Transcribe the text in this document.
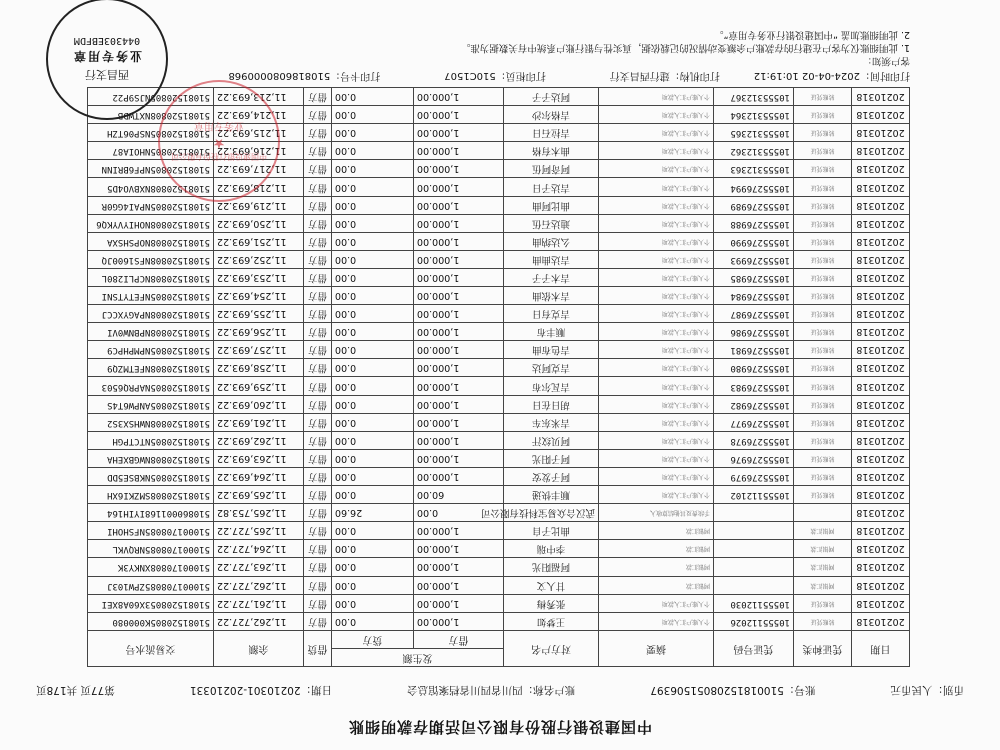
中国建设银行股份有限公司活期存款明细账
币别：人民币元
账号：51001815208051506397
账户名称：四川省四川省档案馆总会
日期：20210301-20210331
第77页 共178页
日期	凭证种类	凭证号码	摘要	对方户名	发生额		借贷	余额	交易流水号
					借方	贷方			
20210318	转账凭证	10555112026	个人账户汇入款项	王梦如	1,000.00	0.00	借方	11,262,727.22	51081520805K000080
20210318	转账凭证	10555112030	个人账户汇入款项	张秀梅	1,000.00	0.00	借方	11,261,727.22	510815208053X60A8XEI
20210318	网银汇款		网银汇款	甘人文	1,000.00	0.00	借方	11,262,727.22	510001708085ZPW103J
20210318	网银汇款		网银汇款	阿福阳光	1,000.00	0.00	借方	11,263,727.22	51000170808XNKY3K
20210318	网银汇款		网银汇款	李中瑞	1,000.00	0.00	借方	11,264,727.22	510001708085NRQVKL
20210318	网银汇款		网银汇款	曲比子自	1,000.00	0.00	借方	11,265,727.22	510001708085NFSHOHI
20210318			手续费及其他结算收入	武汉合众易宝科技有限公司	0.00	26.60	借方	11,265,753.82	510860001168IYIH164
20210318	转账凭证	10555112102	个人账户汇入款项	顺丰快递	60.00	0.00	借方	11,265,693.22	51081520808SMZKI6XH
20210318	转账凭证	10555276979	个人账户汇入款项	阿子发安	1,000.00	0.00	借方	11,264,693.22	51081520805NKBSE5DD
20210318	转账凭证	10555276976	个人账户汇入款项	阿子阳光	1,000.00	0.00	借方	11,263,693.22	51081520808NWGBXEHA
20210318	转账凭证	10555276978	个人账户汇入款项	阿贝纹汗	1,000.00	0.00	借方	11,262,693.22	51081520805NTCTPGH
20210318	转账凭证	10555276977	个人账户汇入款项	吉米东车	1,000.00	0.00	借方	11,261,693.22	51081520808NWHSX3S2
20210318	转账凭证	10555276982	个人账户汇入款项	胡日在日	1,000.00	0.00	借方	11,260,693.22	51081520805ANPW6T4S
20210318	转账凭证	10555276983	个人账户汇入款项	吉瓦尔布	1,000.00	0.00	借方	11,259,693.22	51081520805NAPRQ6503
20210318	转账凭证	10555276980	个人账户汇入款项	吉克阿达	1,000.00	0.00	借方	11,258,693.22	51081520808NFETMZQ9
20210318	转账凭证	10555276981	个人账户汇入款项	吉色布曲	1,000.00	0.00	借方	11,257,693.22	51081520805NPMPHPC9
20210318	转账凭证	10555276986	个人账户汇入款项	顺丰布	1,000.00	0.00	借方	11,256,693.22	51081520808NPBNW0VI
20210318	转账凭证	10555276987	个人账户汇入款项	吉克有日	1,000.00	0.00	借方	11,255,693.22	51081520808NPAGYXCCJ
20210318	转账凭证	10555276984	个人账户汇入款项	吉木依曲	1,000.00	0.00	借方	11,254,693.22	51081520805NFETYTSNI
20210318	转账凭证	10555276985	个人账户汇入款项	吉木子子	1,000.00	0.00	借方	11,253,693.22	51081520808NCPLI280L
20210318	转账凭证	10555276993	个人账户汇入款项	吉达曲曲	1,000.00	0.00	借方	11,252,693.22	51081520808NFS1600JQ
20210318	转账凭证	10555276990	个人账户汇入款项	么达纳曲	1,000.00	0.00	借方	11,251,693.22	51081520808NOPSHSXA
20210318	转账凭证	10555276988	个人账户汇入款项	迪达石伍	1,000.00	0.00	借方	11,250,693.22	51081520808NOHIYVYKQ6
20210318	转账凭证	10555276989	个人账户汇入款项	曲比阿曲	1,000.00	0.00	借方	11,219,693.22	51081520805NPAI4GG0R
20210318	转账凭证	10555276994	个人账户汇入款项	吉达子日	1,000.00	0.00	借方	11,218,693.22	51081520808NXBVO4D5
20210318	转账凭证	10555312363	个人账户汇入款项	阿奇阿伍	1,000.00	0.00	借方	11,217,693.22	51081520805NPF6BRINN
20210318	转账凭证	10555312362	个人账户汇入款项	曲木有格	1,000.00	0.00	借方	11,216,693.22	51081520805NHOIA87
20210318	转账凭证	10555312365	个人账户汇入款项	吉拉石日	1,000.00	0.00	借方	11,215,693.22	51081520805NSP06TZH
20210318	转账凭证	10555312364	个人账户汇入款项	吉格尔沙	1,000.00	0.00	借方	11,214,693.22	51081520808NXTWDB
20210318	转账凭证	10555312367	个人账户汇入款项	阿达子子	1,000.00	0.00	借方	11,213,693.22	51081520805NJS9P22
打印时间：2024-04-02 10:19:12
打印机构：建行西昌支行
打印柜员：510C1507
打印卡号：5108186080000968
客户须知：
1. 此明细账仅为客户在建行的存款账户余额变动情况的记载依据，真实性与银行账户系统中有关数据为准。
2. 此明细账加盖 “中国建设银行业务专用章”。
中国建设银行股份有限公司
★
业务专用章
西昌支行
业务专用章
044303EBFDM
